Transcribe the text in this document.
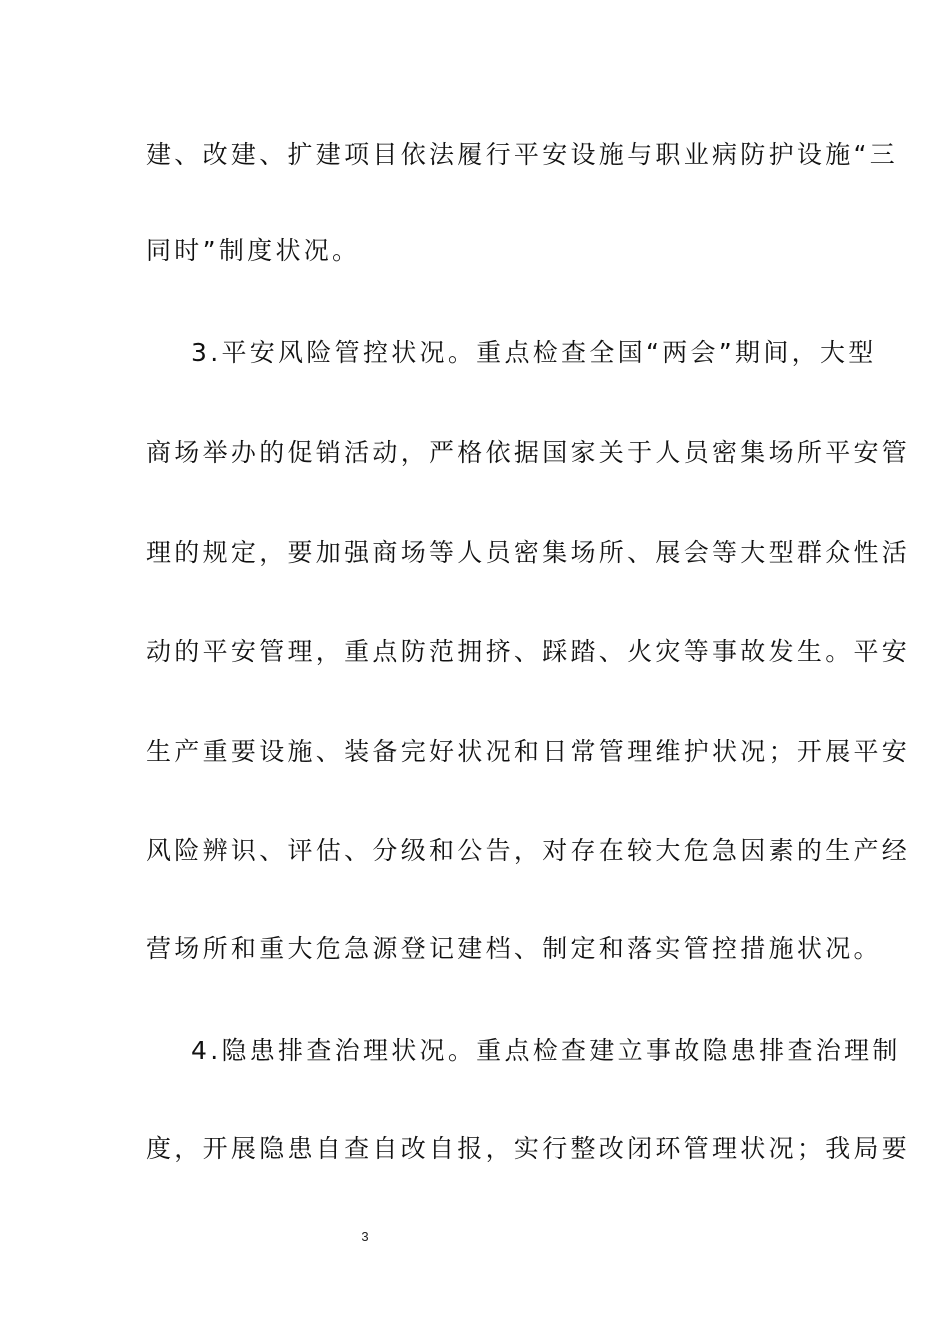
建、改建、扩建项目依法履行平安设施与职业病防护设施“三
同时”制度状况。
3.平安风险管控状况。重点检查全国“两会”期间，大型
商场举办的促销活动，严格依据国家关于人员密集场所平安管
理的规定，要加强商场等人员密集场所、展会等大型群众性活
动的平安管理，重点防范拥挤、踩踏、火灾等事故发生。平安
生产重要设施、装备完好状况和日常管理维护状况；开展平安
风险辨识、评估、分级和公告，对存在较大危急因素的生产经
营场所和重大危急源登记建档、制定和落实管控措施状况。
4.隐患排查治理状况。重点检查建立事故隐患排查治理制
度，开展隐患自查自改自报，实行整改闭环管理状况；我局要
3
